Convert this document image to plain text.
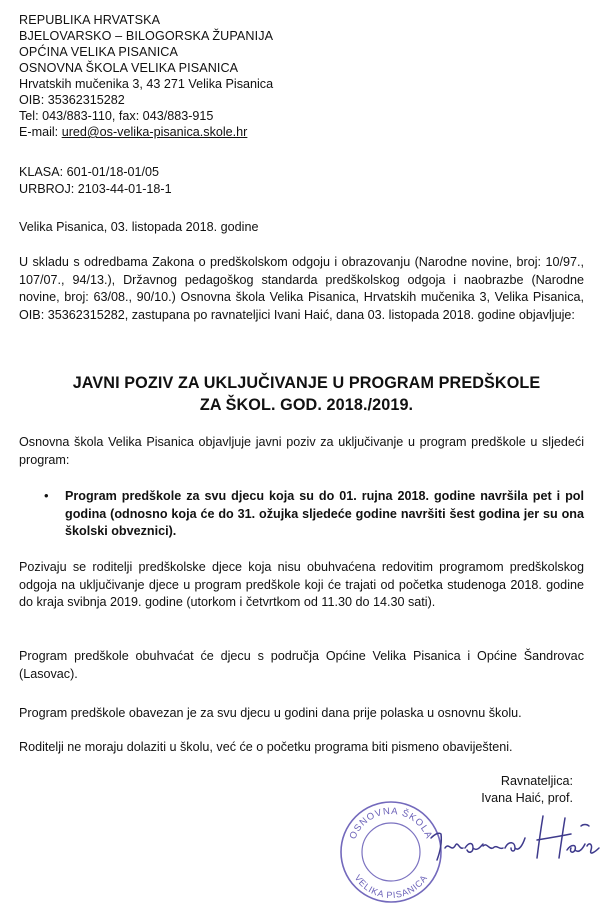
REPUBLIKA HRVATSKA
BJELOVARSKO – BILOGORSKA ŽUPANIJA
OPĆINA VELIKA PISANICA
OSNOVNA ŠKOLA VELIKA PISANICA
Hrvatskih mučenika 3, 43 271 Velika Pisanica
OIB: 35362315282
Tel: 043/883-110, fax: 043/883-915
E-mail: ured@os-velika-pisanica.skole.hr
KLASA: 601-01/18-01/05
URBROJ: 2103-44-01-18-1
Velika Pisanica, 03. listopada 2018. godine
U skladu s odredbama Zakona o predškolskom odgoju i obrazovanju (Narodne novine, broj: 10/97., 107/07., 94/13.), Državnog pedagoškog standarda predškolskog odgoja i naobrazbe (Narodne novine, broj: 63/08., 90/10.) Osnovna škola Velika Pisanica, Hrvatskih mučenika 3, Velika Pisanica, OIB: 35362315282, zastupana po ravnateljici Ivani Haić, dana 03. listopada 2018. godine objavljuje:
JAVNI POZIV ZA UKLJUČIVANJE U PROGRAM PREDŠKOLE
ZA ŠKOL. GOD. 2018./2019.
Osnovna škola Velika Pisanica objavljuje javni poziv za uključivanje u program predškole u sljedeći program:
• Program predškole za svu djecu koja su do 01. rujna 2018. godine navršila pet i pol godina (odnosno koja će do 31. ožujka sljedeće godine navršiti šest godina jer su ona školski obveznici).
Pozivaju se roditelji predškolske djece koja nisu obuhvaćena redovitim programom predškolskog odgoja na uključivanje djece u program predškole koji će trajati od početka studenoga 2018. godine do kraja svibnja 2019. godine (utorkom i četvrtkom od 11.30 do 14.30 sati).
Program predškole obuhvaćat će djecu s područja Općine Velika Pisanica i Općine Šandrovac (Lasovac).
Program predškole obavezan je za svu djecu u godini dana prije polaska u osnovnu školu.
Roditelji ne moraju dolaziti u školu, već će o početku programa biti pismeno obaviješteni.
Ravnateljica:
Ivana Haić, prof.
OSNOVNA ŠKOLA
VELIKA PISANICA
